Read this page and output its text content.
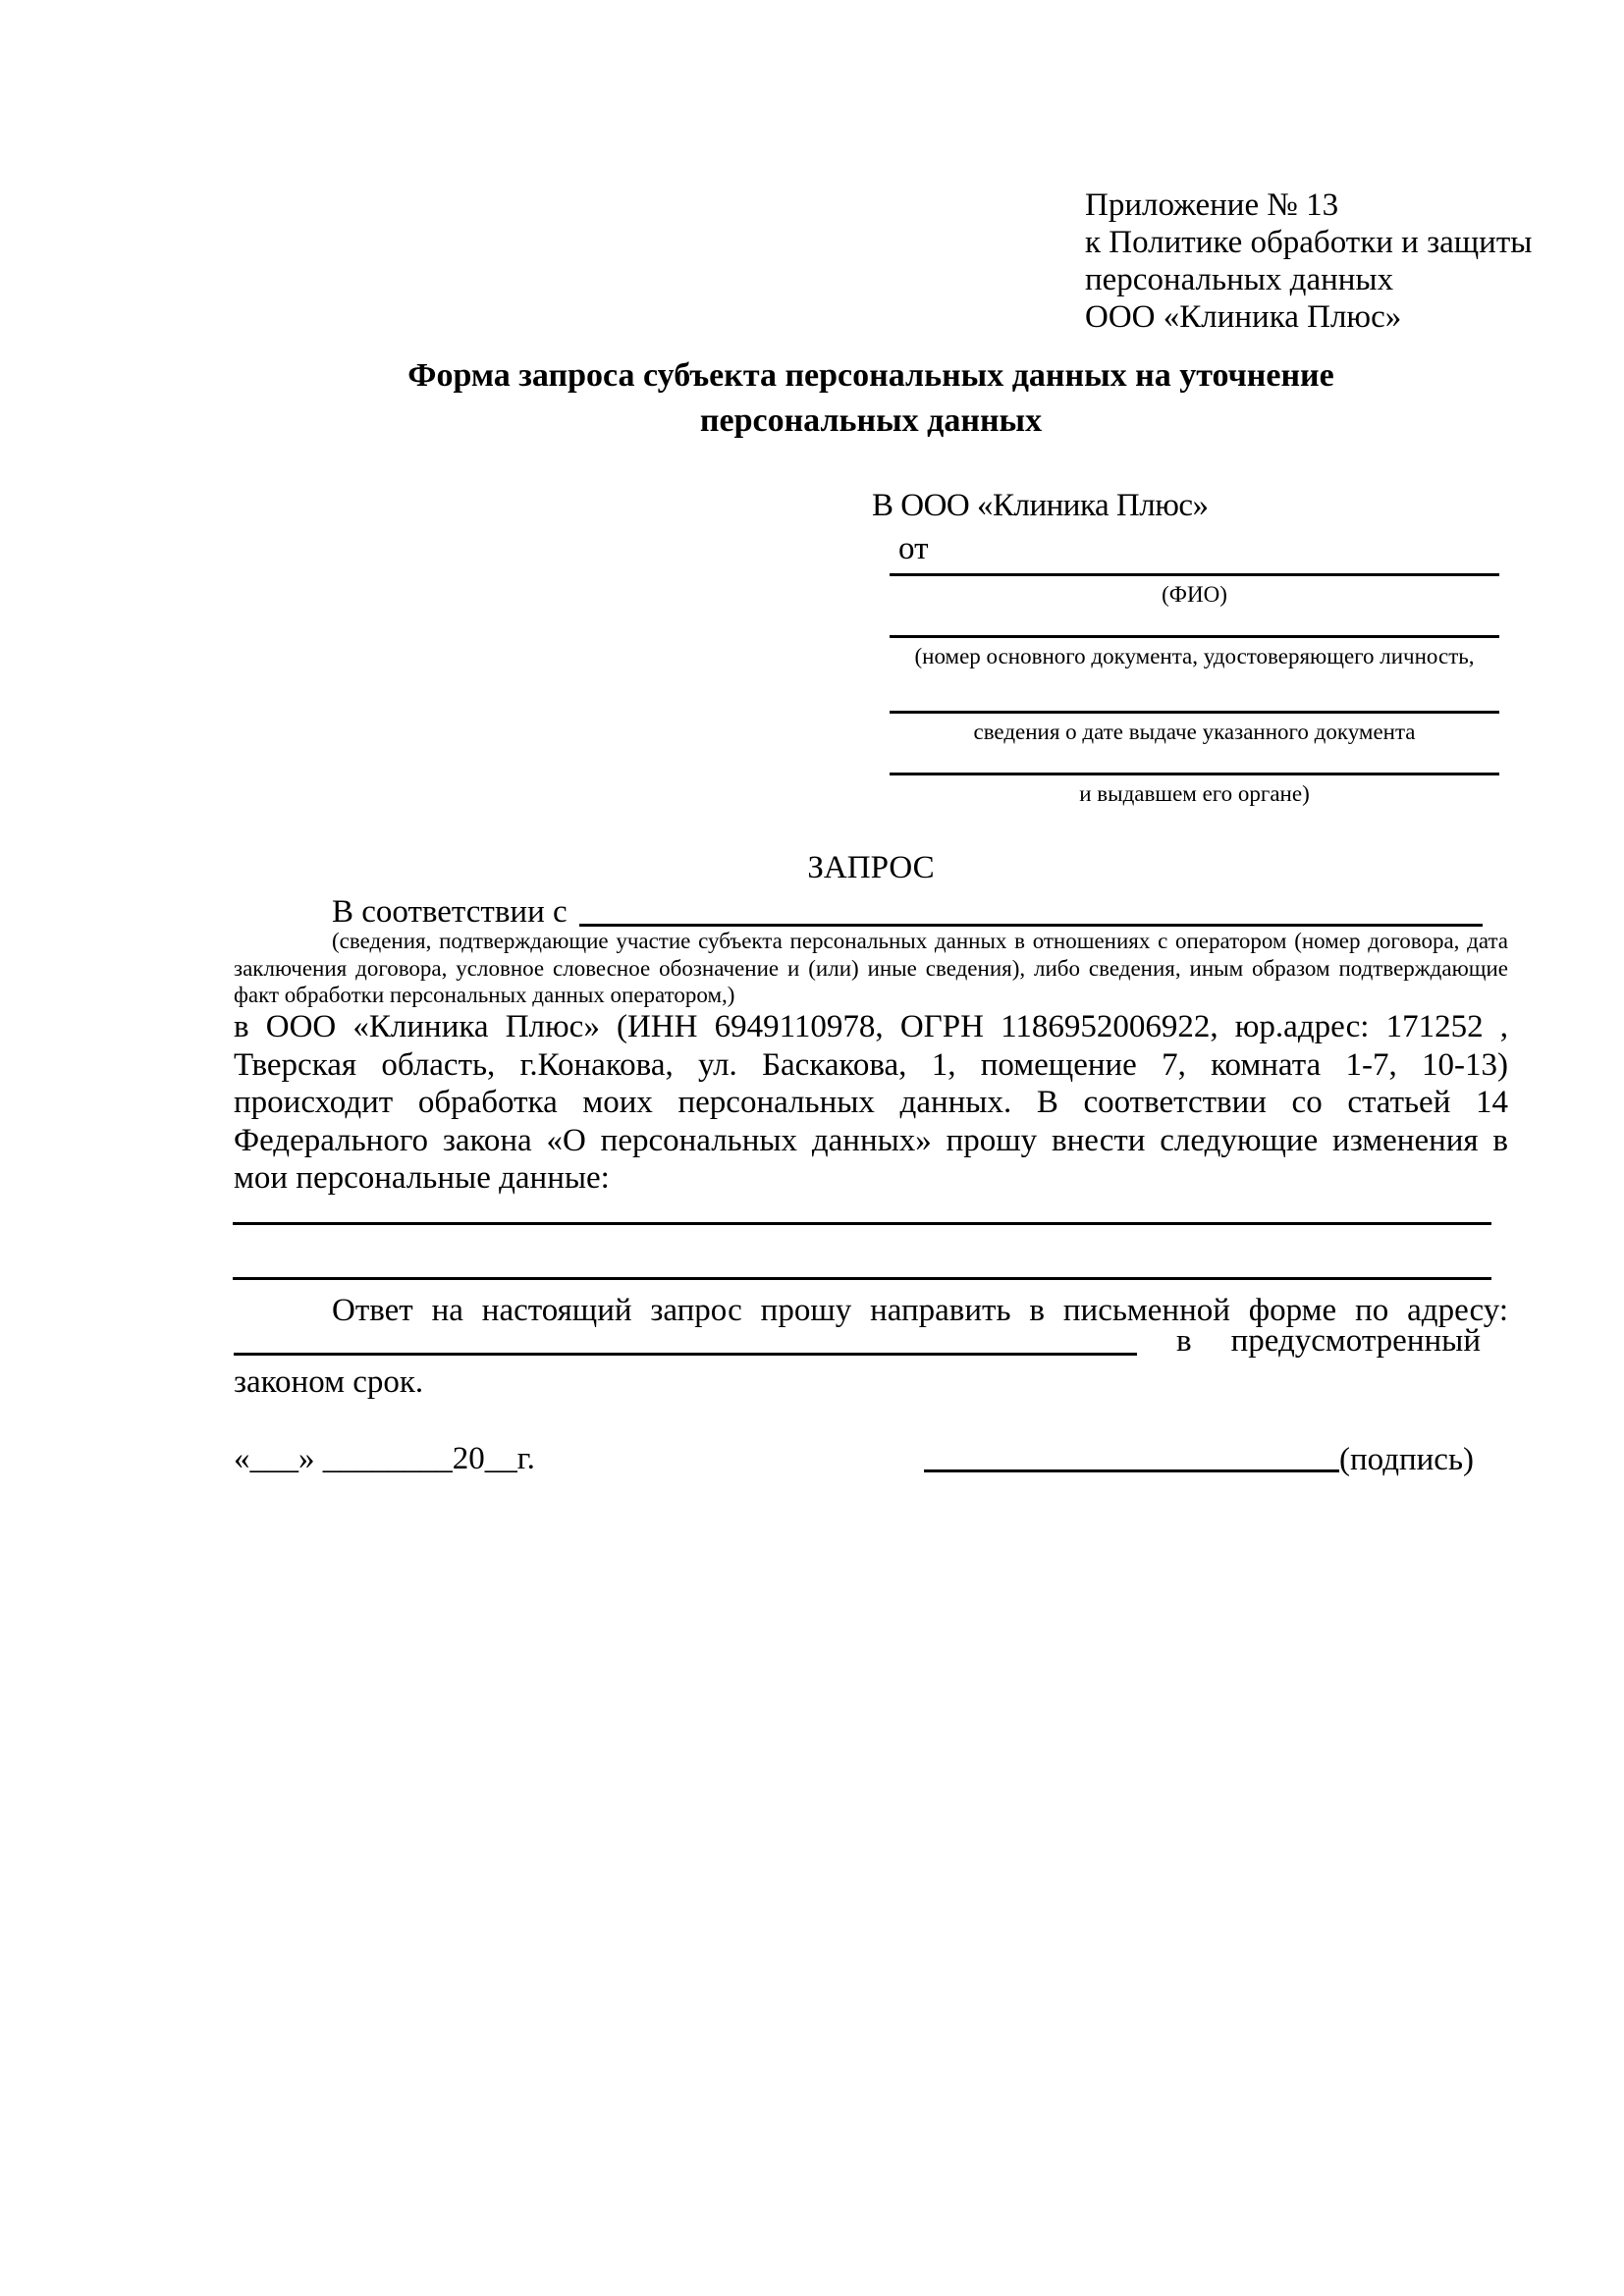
Приложение № 13
к Политике обработки и защиты
персональных данных
ООО «Клиника Плюс»
Форма запроса субъекта персональных данных на уточнение
персональных данных
В ООО «Клиника Плюс»
от
(ФИО)
(номер основного документа, удостоверяющего личность,
сведения о дате выдаче указанного документа
и выдавшем его органе)
ЗАПРОС
В соответствии с
(сведения, подтверждающие участие субъекта персональных данных в отношениях с оператором (номер договора, дата заключения договора, условное словесное обозначение и (или) иные сведения), либо сведения, иным образом подтверждающие факт обработки персональных данных оператором,)
в ООО «Клиника Плюс» (ИНН 6949110978, ОГРН 1186952006922, юр.адрес: 171252 , Тверская область, г.Конакова, ул. Баскакова, 1, помещение 7, комната 1-7, 10-13) происходит обработка моих персональных данных. В соответствии со статьей 14 Федерального закона «О персональных данных» прошу внести следующие изменения в мои персональные данные:
Ответ на настоящий запрос прошу направить в письменной форме по адресу:
в предусмотренный
законом срок.
«___» ________20__г.	(подпись)
